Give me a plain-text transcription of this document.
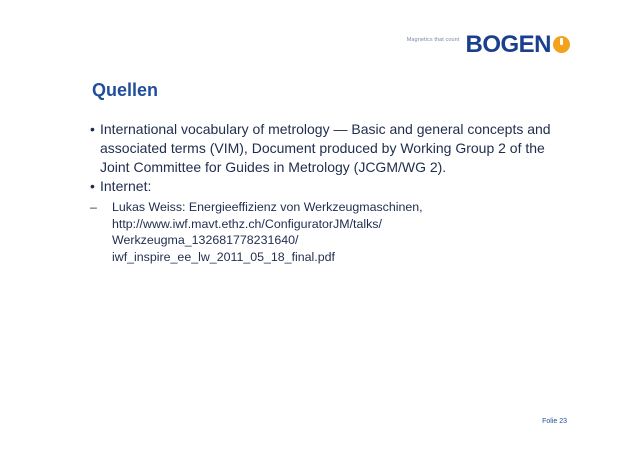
Magnetics that count BOGEN
Quellen
• International vocabulary of metrology — Basic and general concepts and associated terms (VIM), Document produced by Working Group 2 of the Joint Committee for Guides in Metrology (JCGM/WG 2).
• Internet:
–	Lukas Weiss: Energieeffizienz von Werkzeugmaschinen,
http://www.iwf.mavt.ethz.ch/ConfiguratorJM/talks/
Werkzeugma_132681778231640/
iwf_inspire_ee_lw_2011_05_18_final.pdf
Folie 23
